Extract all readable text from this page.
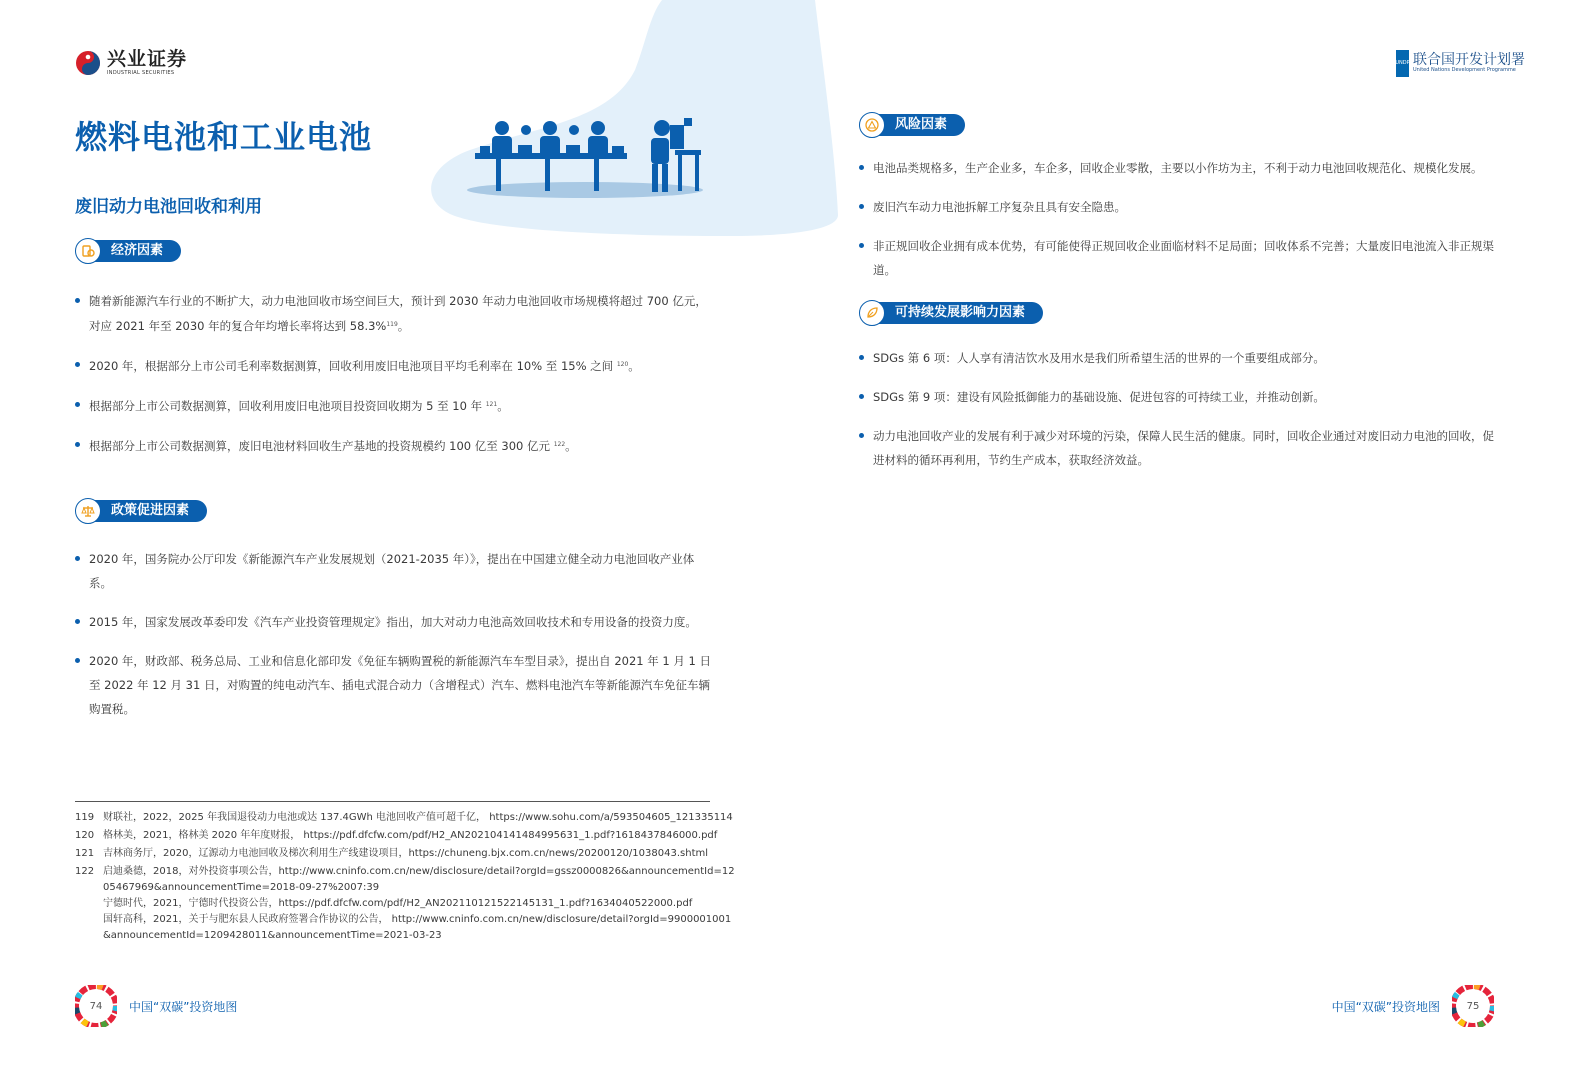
兴业证券
INDUSTRIAL SECURITIES
UNDP 联合国开发计划署
United Nations Development Programme
燃料电池和工业电池
废旧动力电池回收和利用
经济因素
随着新能源汽车行业的不断扩大，动力电池回收市场空间巨大，预计到 2030 年动力电池回收市场规模将超过 700 亿元，对应 2021 年至 2030 年的复合年均增长率将达到 58.3%$^{119}$。
2020 年，根据部分上市公司毛利率数据测算，回收利用废旧电池项目平均毛利率在 10% 至 15% 之间 $^{120}$。
根据部分上市公司数据测算，回收利用废旧电池项目投资回收期为 5 至 10 年 $^{121}$。
根据部分上市公司数据测算，废旧电池材料回收生产基地的投资规模约 100 亿至 300 亿元 $^{122}$。
政策促进因素
2020 年，国务院办公厅印发《新能源汽车产业发展规划（2021-2035 年）》，提出在中国建立健全动力电池回收产业体系。
2015 年，国家发展改革委印发《汽车产业投资管理规定》指出，加大对动力电池高效回收技术和专用设备的投资力度。
2020 年，财政部、税务总局、工业和信息化部印发《免征车辆购置税的新能源汽车车型目录》，提出自 2021 年 1 月 1 日至 2022 年 12 月 31 日，对购置的纯电动汽车、插电式混合动力（含增程式）汽车、燃料电池汽车等新能源汽车免征车辆购置税。
风险因素
电池品类规格多，生产企业多，车企多，回收企业零散，主要以小作坊为主，不利于动力电池回收规范化、规模化发展。
废旧汽车动力电池拆解工序复杂且具有安全隐患。
非正规回收企业拥有成本优势，有可能使得正规回收企业面临材料不足局面；回收体系不完善；大量废旧电池流入非正规渠道。
可持续发展影响力因素
SDGs 第 6 项：人人享有清洁饮水及用水是我们所希望生活的世界的一个重要组成部分。
SDGs 第 9 项：建设有风险抵御能力的基础设施、促进包容的可持续工业，并推动创新。
动力电池回收产业的发展有利于减少对环境的污染，保障人民生活的健康。同时，回收企业通过对废旧动力电池的回收，促进材料的循环再利用，节约生产成本，获取经济效益。
119 财联社，2022，2025 年我国退役动力电池或达 137.4GWh 电池回收产值可超千亿， https://www.sohu.com/a/593504605_121335114
120 格林美，2021，格林美 2020 年年度财报， https://pdf.dfcfw.com/pdf/H2_AN202104141484995631_1.pdf?1618437846000.pdf
121 吉林商务厅，2020，辽源动力电池回收及梯次利用生产线建设项目，https://chuneng.bjx.com.cn/news/20200120/1038043.shtml
122 启迪桑德，2018，对外投资事项公告，http://www.cninfo.com.cn/new/disclosure/detail?orgId=gssz0000826&announcementId=1205467969&announcementTime=2018-09-27%2007:39
宁德时代，2021，宁德时代投资公告，https://pdf.dfcfw.com/pdf/H2_AN202110121522145131_1.pdf?1634040522000.pdf
国轩高科，2021，关于与肥东县人民政府签署合作协议的公告， http://www.cninfo.com.cn/new/disclosure/detail?orgId=9900001001&announcementId=1209428011&announcementTime=2021-03-23
74	中国“双碳”投资地图	中国“双碳”投资地图	75
